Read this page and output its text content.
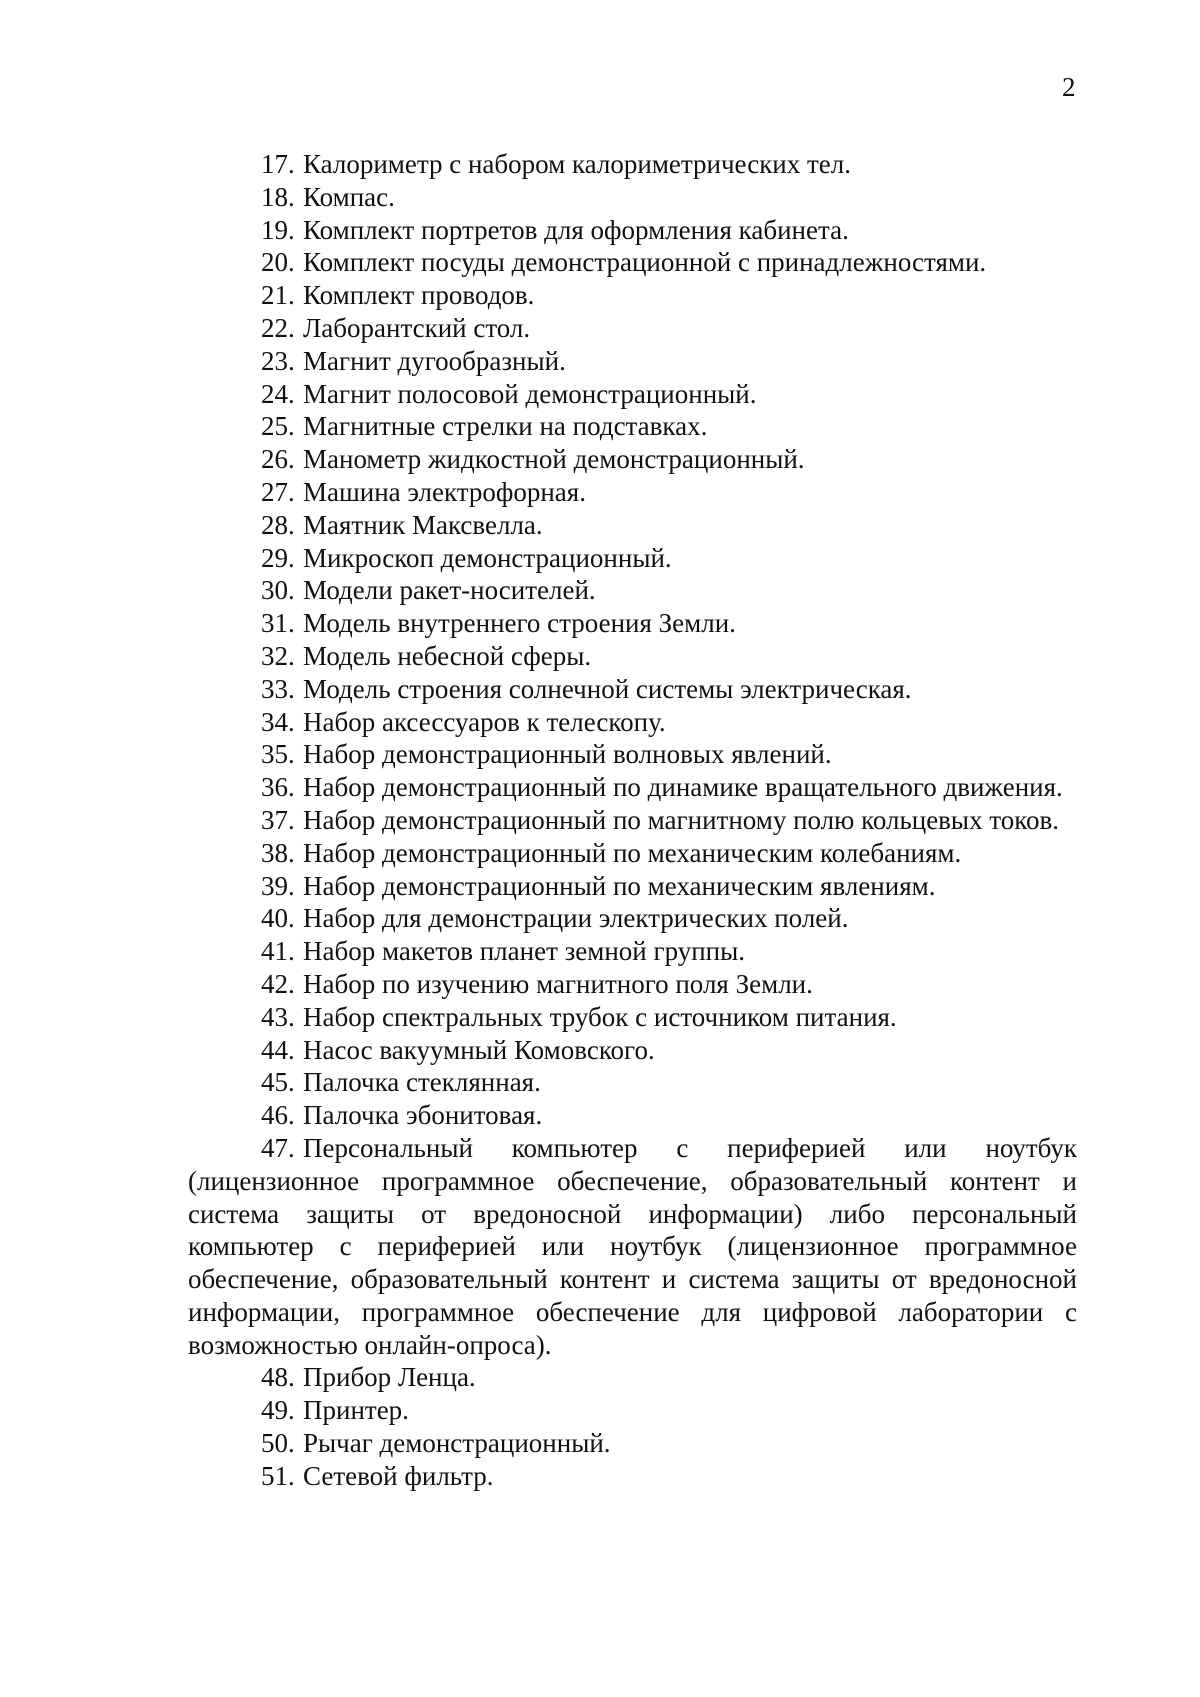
2
17 . Калориметр с набором калориметрических тел.
18 . Компас.
19 . Комплект портретов для оформления кабинета.
20 . Комплект посуды демонстрационной с принадлежностями.
21 . Комплект проводов.
22 . Лаборантский стол.
23 . Магнит дугообразный.
24 . Магнит полосовой демонстрационный.
25 . Магнитные стрелки на подставках.
26 . Манометр жидкостной демонстрационный.
27 . Машина электрофорная.
28 . Маятник Максвелла.
29 . Микроскоп демонстрационный.
30 . Модели ракет-носителей.
31 . Модель внутреннего строения Земли.
32 . Модель небесной сферы.
33 . Модель строения солнечной системы электрическая.
34 . Набор аксессуаров к телескопу.
35 . Набор демонстрационный волновых явлений.
36 . Набор демонстрационный по динамике вращательного движения.
37 . Набор демонстрационный по магнитному полю кольцевых токов.
38 . Набор демонстрационный по механическим колебаниям.
39 . Набор демонстрационный по механическим явлениям.
40 . Набор для демонстрации электрических полей.
41 . Набор макетов планет земной группы.
42 . Набор по изучению магнитного поля Земли.
43 . Набор спектральных трубок с источником питания.
44 . Насос вакуумный Комовского.
45 . Палочка стеклянная.
46 . Палочка эбонитовая.
47 . Персональный компьютер с периферией или ноутбук (лицензионное программное обеспечение, образовательный контент и система защиты от вредоносной информации) либо персональный компьютер с периферией или ноутбук (лицензионное программное обеспечение, образовательный контент и система защиты от вредоносной информации, программное обеспечение для цифровой лаборатории с возможностью онлайн-опроса).
48 . Прибор Ленца.
49 . Принтер.
50 . Рычаг демонстрационный.
51 . Сетевой фильтр.
